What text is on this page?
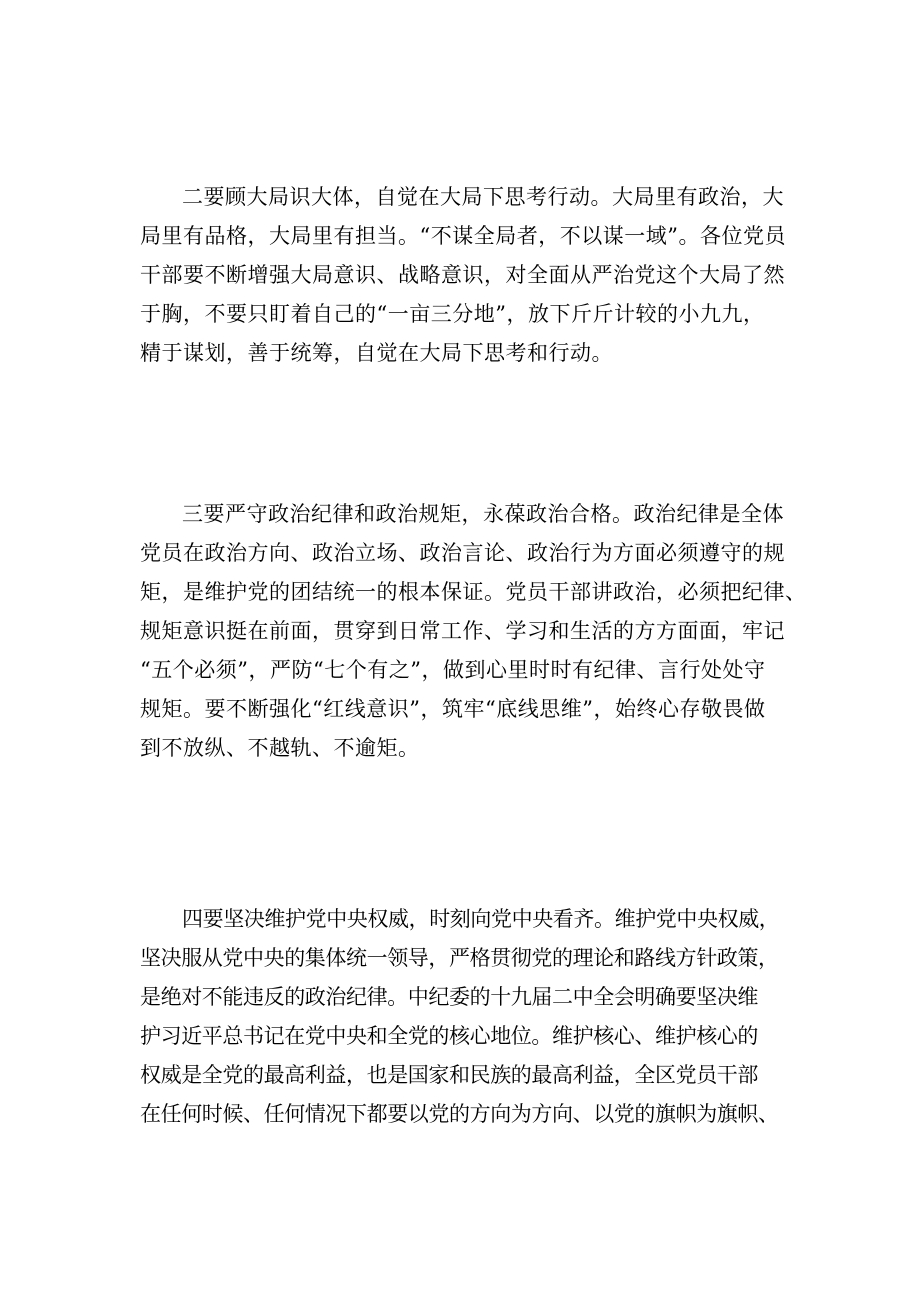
二要顾大局识大体，自觉在大局下思考行动。大局里有政治，大
局里有品格，大局里有担当。“不谋全局者，不以谋一域”。各位党员
干部要不断增强大局意识、战略意识，对全面从严治党这个大局了然
于胸，不要只盯着自己的“一亩三分地”，放下斤斤计较的小九九，
精于谋划，善于统筹，自觉在大局下思考和行动。
三要严守政治纪律和政治规矩，永葆政治合格。政治纪律是全体
党员在政治方向、政治立场、政治言论、政治行为方面必须遵守的规
矩，是维护党的团结统一的根本保证。党员干部讲政治，必须把纪律、
规矩意识挺在前面，贯穿到日常工作、学习和生活的方方面面，牢记
“五个必须”，严防“七个有之”，做到心里时时有纪律、言行处处守
规矩。要不断强化“红线意识”，筑牢“底线思维”，始终心存敬畏做
到不放纵、不越轨、不逾矩。
四要坚决维护党中央权威，时刻向党中央看齐。维护党中央权威，
坚决服从党中央的集体统一领导，严格贯彻党的理论和路线方针政策，
是绝对不能违反的政治纪律。中纪委的十九届二中全会明确要坚决维
护习近平总书记在党中央和全党的核心地位。维护核心、维护核心的
权威是全党的最高利益，也是国家和民族的最高利益，全区党员干部
在任何时候、任何情况下都要以党的方向为方向、以党的旗帜为旗帜、
